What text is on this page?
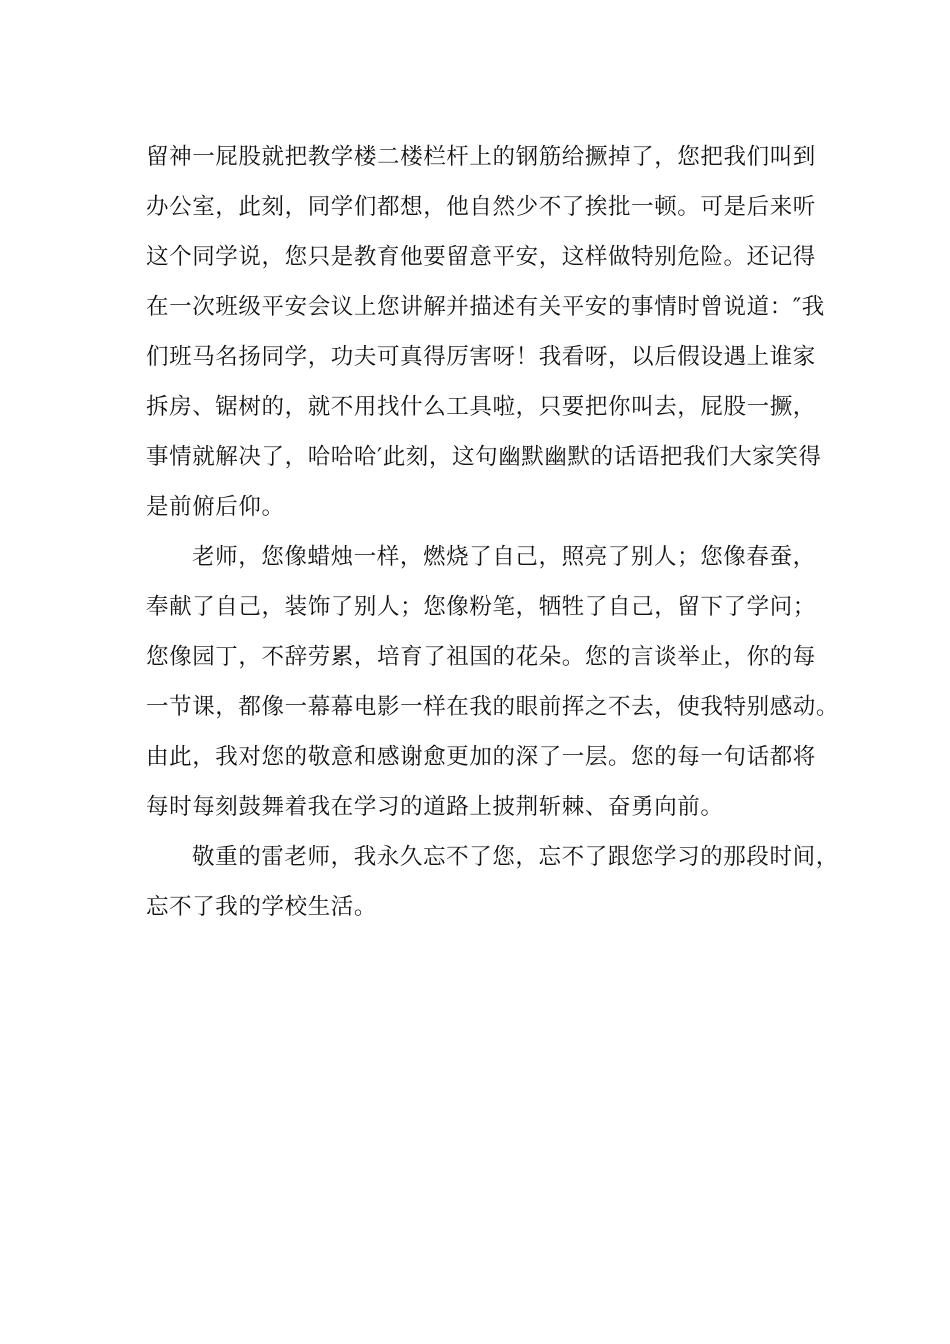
留神一屁股就把教学楼二楼栏杆上的钢筋给撅掉了，您把我们叫到
办公室，此刻，同学们都想，他自然少不了挨批一顿。可是后来听
这个同学说，您只是教育他要留意平安，这样做特别危险。还记得
在一次班级平安会议上您讲解并描述有关平安的事情时曾说道：″我
们班马名扬同学，功夫可真得厉害呀！我看呀，以后假设遇上谁家
拆房、锯树的，就不用找什么工具啦，只要把你叫去，屁股一撅，
事情就解决了，哈哈哈′此刻，这句幽默幽默的话语把我们大家笑得
是前俯后仰。
老师，您像蜡烛一样，燃烧了自己，照亮了别人；您像春蚕，
奉献了自己，装饰了别人；您像粉笔，牺牲了自己，留下了学问；
您像园丁，不辞劳累，培育了祖国的花朵。您的言谈举止，你的每
一节课，都像一幕幕电影一样在我的眼前挥之不去，使我特别感动。
由此，我对您的敬意和感谢愈更加的深了一层。您的每一句话都将
每时每刻鼓舞着我在学习的道路上披荆斩棘、奋勇向前。
敬重的雷老师，我永久忘不了您，忘不了跟您学习的那段时间，
忘不了我的学校生活。
